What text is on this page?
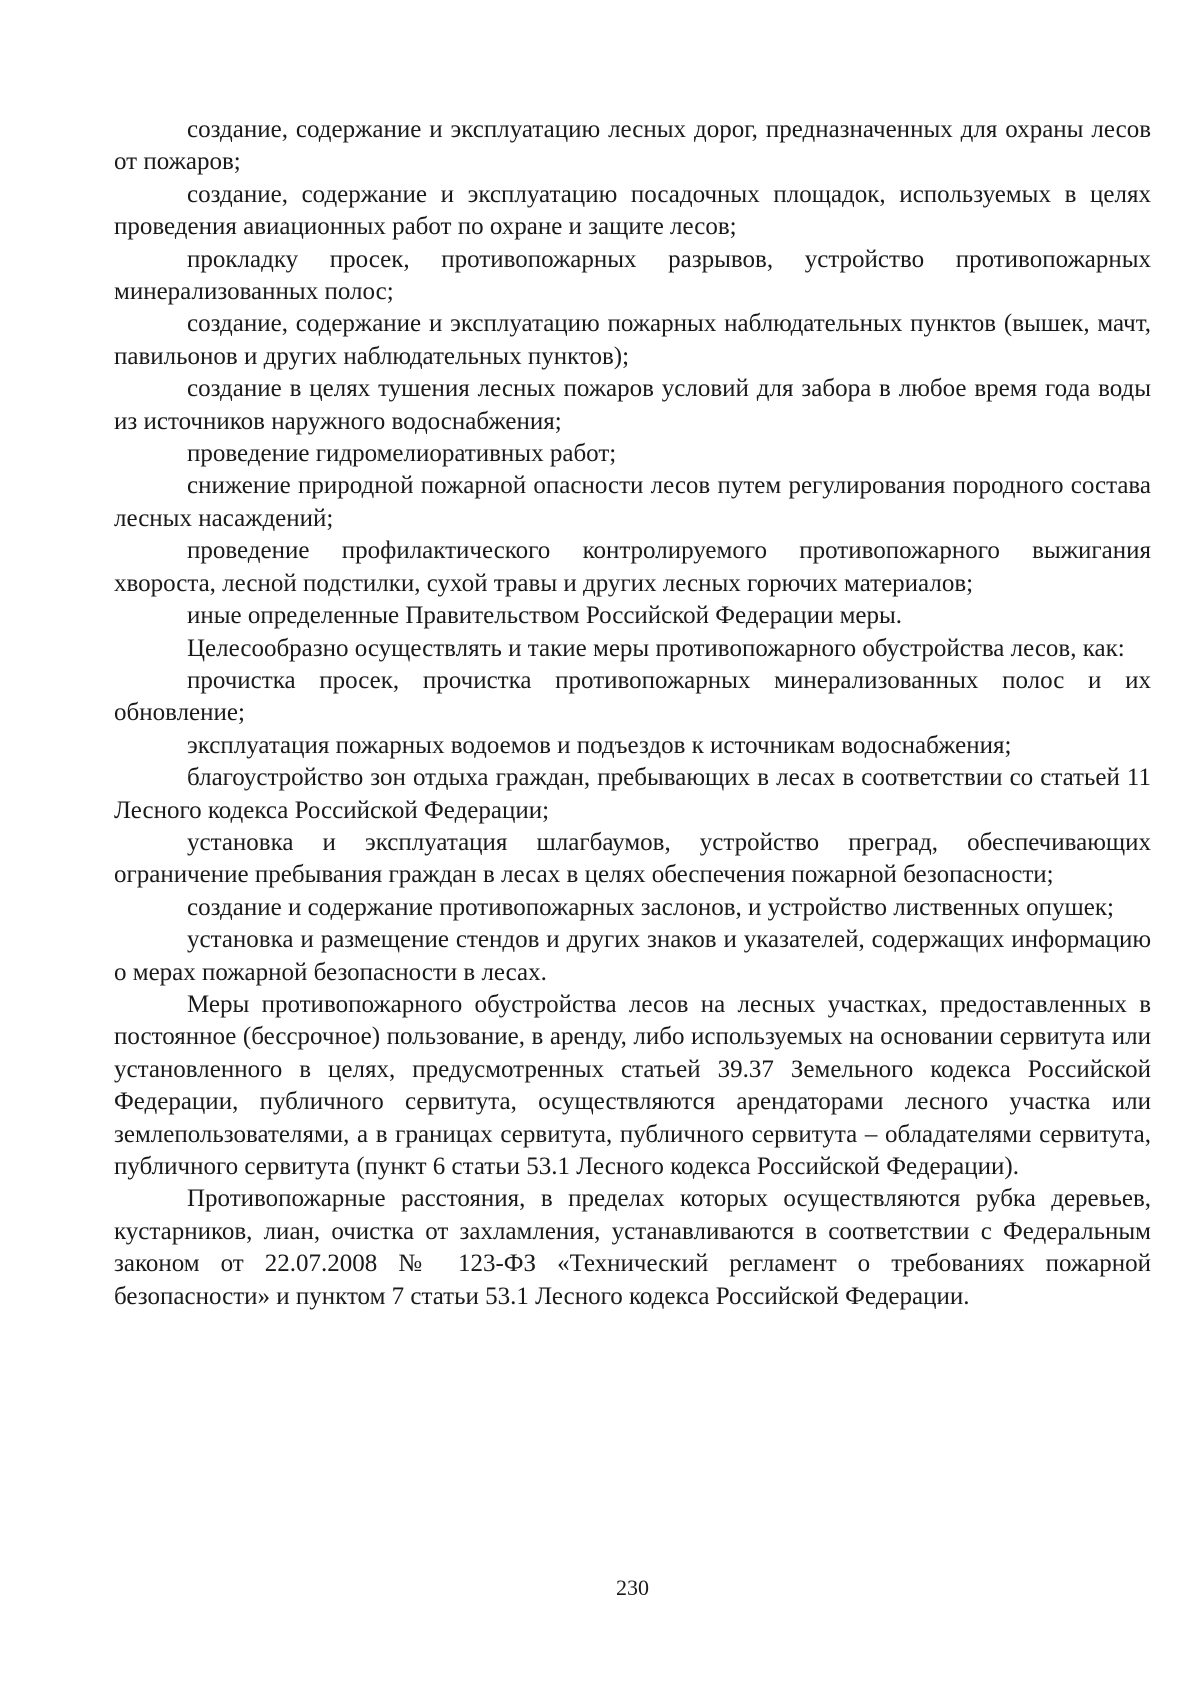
создание, содержание и эксплуатацию лесных дорог, предназначенных для охраны лесов от пожаров;

создание, содержание и эксплуатацию посадочных площадок, используемых в целях проведения авиационных работ по охране и защите лесов;

прокладку просек, противопожарных разрывов, устройство противопожарных минерализованных полос;

создание, содержание и эксплуатацию пожарных наблюдательных пунктов (вышек, мачт, павильонов и других наблюдательных пунктов);

создание в целях тушения лесных пожаров условий для забора в любое время года воды из источников наружного водоснабжения;

проведение гидромелиоративных работ;

снижение природной пожарной опасности лесов путем регулирования породного состава лесных насаждений;

проведение профилактического контролируемого противопожарного выжигания хвороста, лесной подстилки, сухой травы и других лесных горючих материалов;

иные определенные Правительством Российской Федерации меры.

Целесообразно осуществлять и такие меры противопожарного обустройства лесов, как:

прочистка просек, прочистка противопожарных минерализованных полос и их обновление;

эксплуатация пожарных водоемов и подъездов к источникам водоснабжения;

благоустройство зон отдыха граждан, пребывающих в лесах в соответствии со статьей 11 Лесного кодекса Российской Федерации;

установка и эксплуатация шлагбаумов, устройство преград, обеспечивающих ограничение пребывания граждан в лесах в целях обеспечения пожарной безопасности;

создание и содержание противопожарных заслонов, и устройство лиственных опушек;

установка и размещение стендов и других знаков и указателей, содержащих информацию о мерах пожарной безопасности в лесах.

Меры противопожарного обустройства лесов на лесных участках, предоставленных в постоянное (бессрочное) пользование, в аренду, либо используемых на основании сервитута или установленного в целях, предусмотренных статьей 39.37 Земельного кодекса Российской Федерации, публичного сервитута, осуществляются арендаторами лесного участка или землепользователями, а в границах сервитута, публичного сервитута – обладателями сервитута, публичного сервитута (пункт 6 статьи 53.1 Лесного кодекса Российской Федерации).

Противопожарные расстояния, в пределах которых осуществляются рубка деревьев, кустарников, лиан, очистка от захламления, устанавливаются в соответствии с Федеральным законом от 22.07.2008 № 123-ФЗ «Технический регламент о требованиях пожарной безопасности» и пунктом 7 статьи 53.1 Лесного кодекса Российской Федерации.

230
